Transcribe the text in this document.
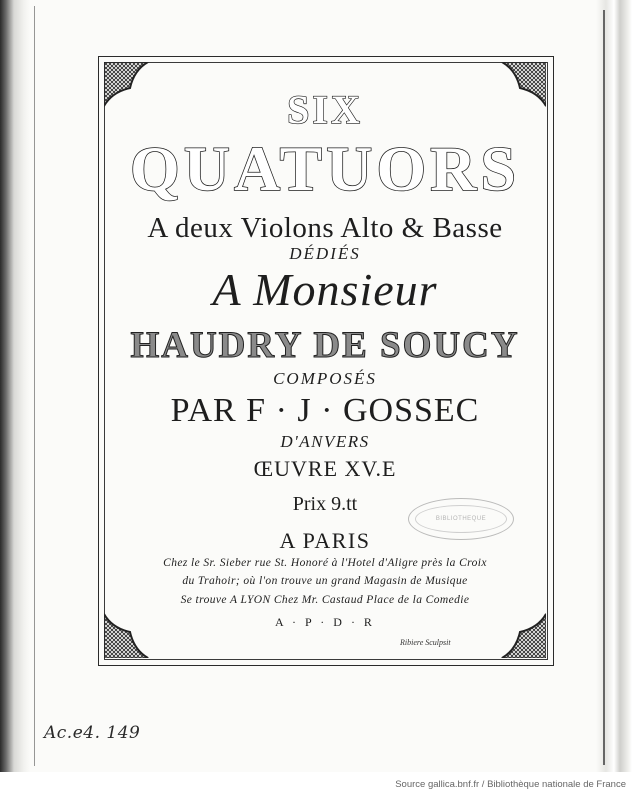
SIX
QUATUORS
A deux Violons Alto & Basse
DÉDIÉS
A Monsieur
HAUDRY DE SOUCY
COMPOSÉS
PAR F · J · GOSSEC
D'ANVERS
ŒUVRE XV.E
Prix 9.tt
A PARIS
Chez le Sr. Sieber rue St. Honoré à l'Hotel d'Aligre près la Croix
du Trahoir; où l'on trouve un grand Magasin de Musique
Se trouve A LYON Chez Mr. Castaud Place de la Comedie
A · P · D · R
Ribiere Sculpsit
BIBLIOTHEQUE
Ac.e4. 149
Source gallica.bnf.fr / Bibliothèque nationale de France
